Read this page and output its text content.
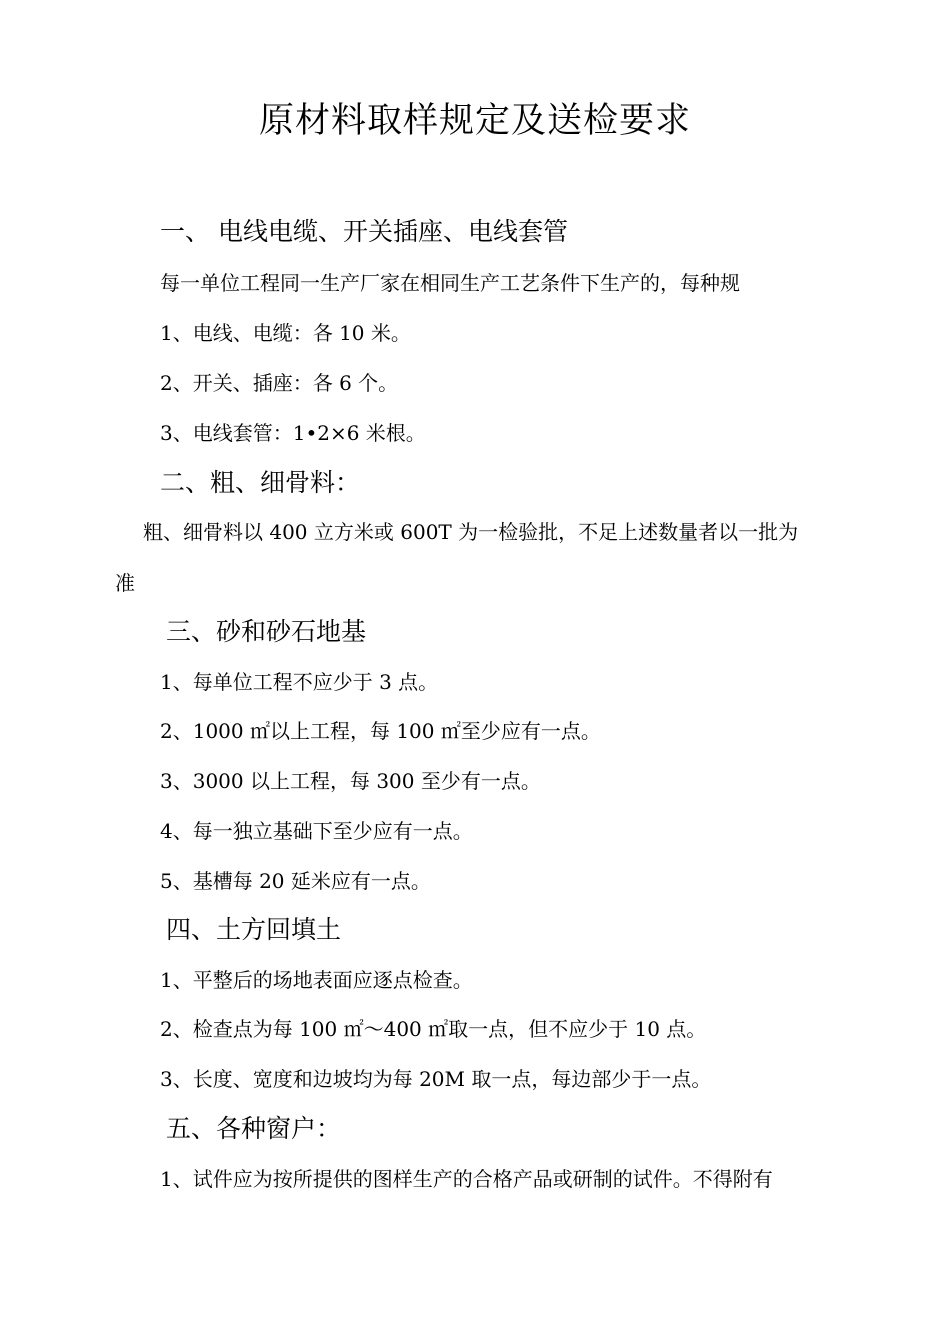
原材料取样规定及送检要求
一、 电线电缆、开关插座、电线套管
每一单位工程同一生产厂家在相同生产工艺条件下生产的，每种规
1、电线、电缆：各 10 米。
2、开关、插座：各 6 个。
3、电线套管：1•2×6 米根。
二、粗、细骨料：
粗、细骨料以 400 立方米或 600T 为一检验批，不足上述数量者以一批为
准
三、砂和砂石地基
1、每单位工程不应少于 3 点。
2、1000 ㎡以上工程，每 100 ㎡至少应有一点。
3、3000 以上工程，每 300 至少有一点。
4、每一独立基础下至少应有一点。
5、基槽每 20 延米应有一点。
四、土方回填土
1、平整后的场地表面应逐点检查。
2、检查点为每 100 ㎡～400 ㎡取一点，但不应少于 10 点。
3、长度、宽度和边坡均为每 20M 取一点，每边部少于一点。
五、各种窗户：
1、试件应为按所提供的图样生产的合格产品或研制的试件。不得附有
